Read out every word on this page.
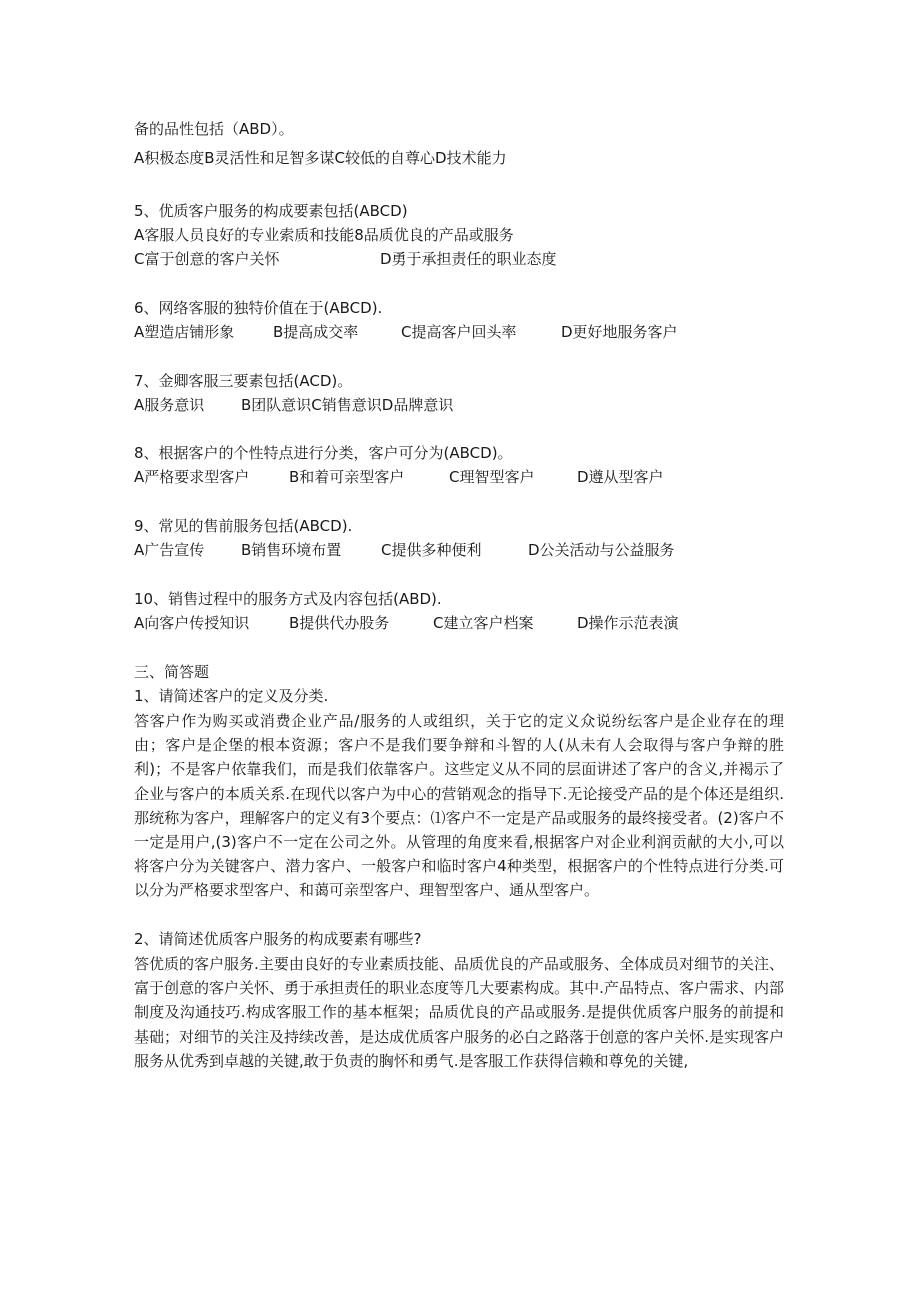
备的品性包括（ABD）。
A积极态度B灵活性和足智多谋C较低的自尊心D技术能力
5、优质客户服务的构成要素包括(ABCD)
A客服人员良好的专业索质和技能8品质优良的产品或服务
C富于创意的客户关怀	D勇于承担责任的职业态度
6、网络客服的独特价值在于(ABCD).
A塑造店铺形象	B提高成交率	C提高客户回头率	D更好地服务客户
7、金卿客服三要素包括(ACD)。
A服务意识 B团队意识C销售意识D品牌意识
8、根据客户的个性特点进行分类，客户可分为(ABCD)。
A严格要求型客户	B和着可亲型客户	C理智型客户	D遵从型客户
9、常见的售前服务包括(ABCD).
A广告宣传 B销售环境布置	C提供多种便利	D公关活动与公益服务
10、销售过程中的服务方式及内容包括(ABD).
A向客户传授知识	B提供代办股务	C建立客户档案	D操作示范表演
三、简答题
1、请简述客户的定义及分类.
答客户作为购买或消费企业产品/服务的人或组织，关于它的定义众说纷纭客户是企业存在的理由；客户是企堡的根本资源；客户不是我们要争辩和斗智的人(从未有人会取得与客户争辩的胜利)；不是客户依靠我们，而是我们依靠客户。这些定义从不同的层面讲述了客户的含义,并褐示了企业与客户的本质关系.在现代以客户为中心的营销观念的指导下.无论接受产品的是个体还是组织.那统称为客户，理解客户的定义有3个要点：⑴客户不一定是产品或服务的最终接受者。(2)客户不一定是用户,(3)客户不一定在公司之外。从管理的角度来看,根据客户对企业利润贡献的大小,可以将客户分为关键客户、潜力客户、一般客户和临时客户4种类型，根据客户的个性特点进行分类.可以分为严格要求型客户、和蔼可亲型客户、理智型客户、通从型客户。
2、请简述优质客户服务的构成要素有哪些?
答优质的客户服务.主要由良好的专业素质技能、品质优良的产品或服务、全体成员对细节的关注、富于创意的客户关怀、勇于承担责任的职业态度等几大要素构成。其中.产品特点、客户需求、内部制度及沟通技巧.构成客服工作的基本框架；品质优良的产品或服务.是提供优质客户服务的前提和基础；对细节的关注及持续改善，是达成优质客户服务的必白之路落于创意的客户关怀.是实现客户服务从优秀到卓越的关键,敢于负责的胸怀和勇气.是客服工作获得信赖和尊免的关键,
